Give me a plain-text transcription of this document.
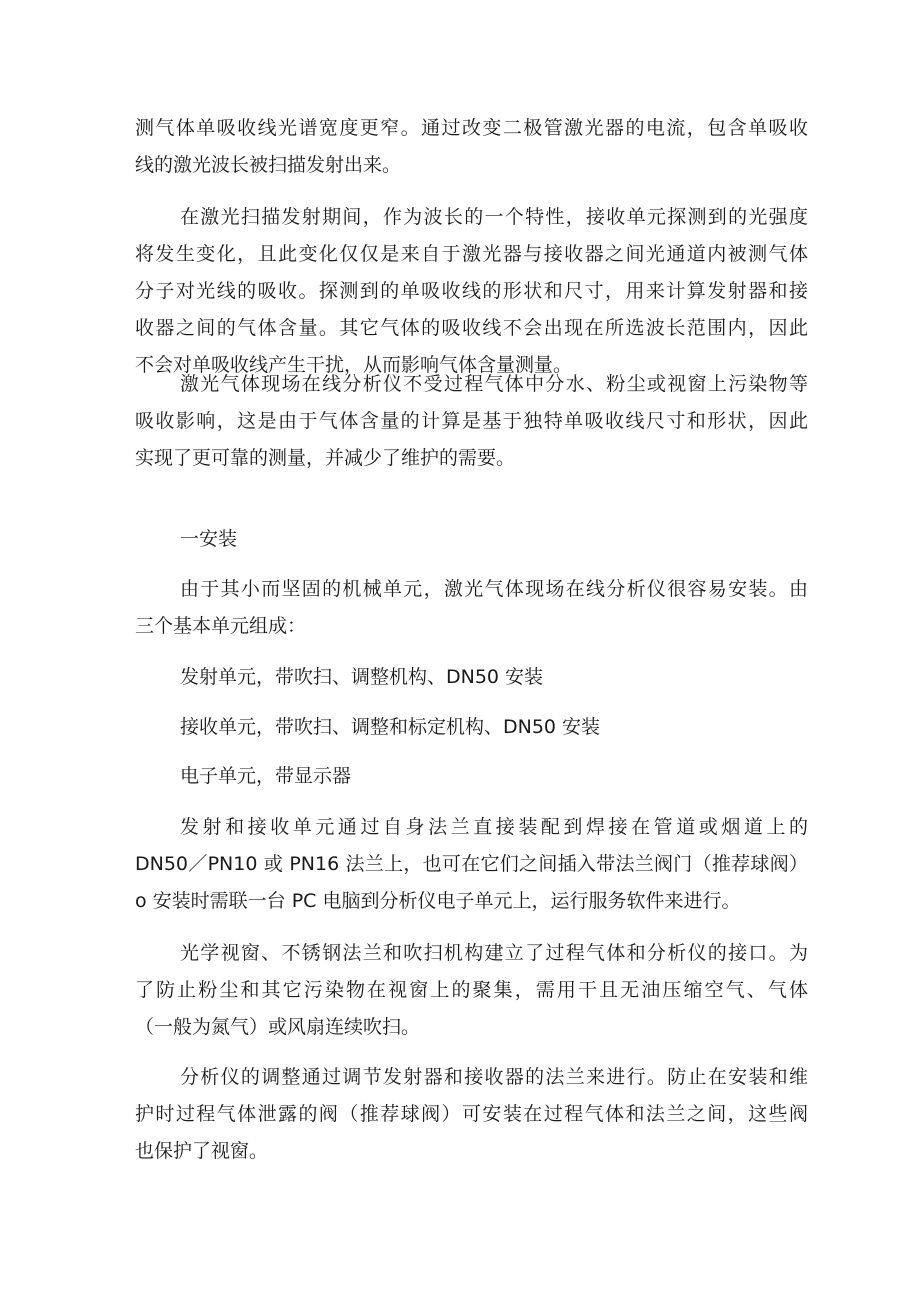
测气体单吸收线光谱宽度更窄。通过改变二极管激光器的电流，包含单吸收
线的激光波长被扫描发射出来。
在激光扫描发射期间，作为波长的一个特性，接收单元探测到的光强度
将发生变化，且此变化仅仅是来自于激光器与接收器之间光通道内被测气体
分子对光线的吸收。探测到的单吸收线的形状和尺寸，用来计算发射器和接
收器之间的气体含量。其它气体的吸收线不会出现在所选波长范围内，因此
不会对单吸收线产生干扰，从而影响气体含量测量。
激光气体现场在线分析仪不受过程气体中分水、粉尘或视窗上污染物等
吸收影响，这是由于气体含量的计算是基于独特单吸收线尺寸和形状，因此
实现了更可靠的测量，并减少了维护的需要。
一安装
由于其小而坚固的机械单元，激光气体现场在线分析仪很容易安装。由
三个基本单元组成：
发射单元，带吹扫、调整机构、DN50 安装
接收单元，带吹扫、调整和标定机构、DN50 安装
电子单元，带显示器
发射和接收单元通过自身法兰直接装配到焊接在管道或烟道上的
DN50／PN10 或 PN16 法兰上，也可在它们之间插入带法兰阀门（推荐球阀）
o 安装时需联一台 PC 电脑到分析仪电子单元上，运行服务软件来进行。
光学视窗、不锈钢法兰和吹扫机构建立了过程气体和分析仪的接口。为
了防止粉尘和其它污染物在视窗上的聚集，需用干且无油压缩空气、气体
（一般为氮气）或风扇连续吹扫。
分析仪的调整通过调节发射器和接收器的法兰来进行。防止在安装和维
护时过程气体泄露的阀（推荐球阀）可安装在过程气体和法兰之间，这些阀
也保护了视窗。
